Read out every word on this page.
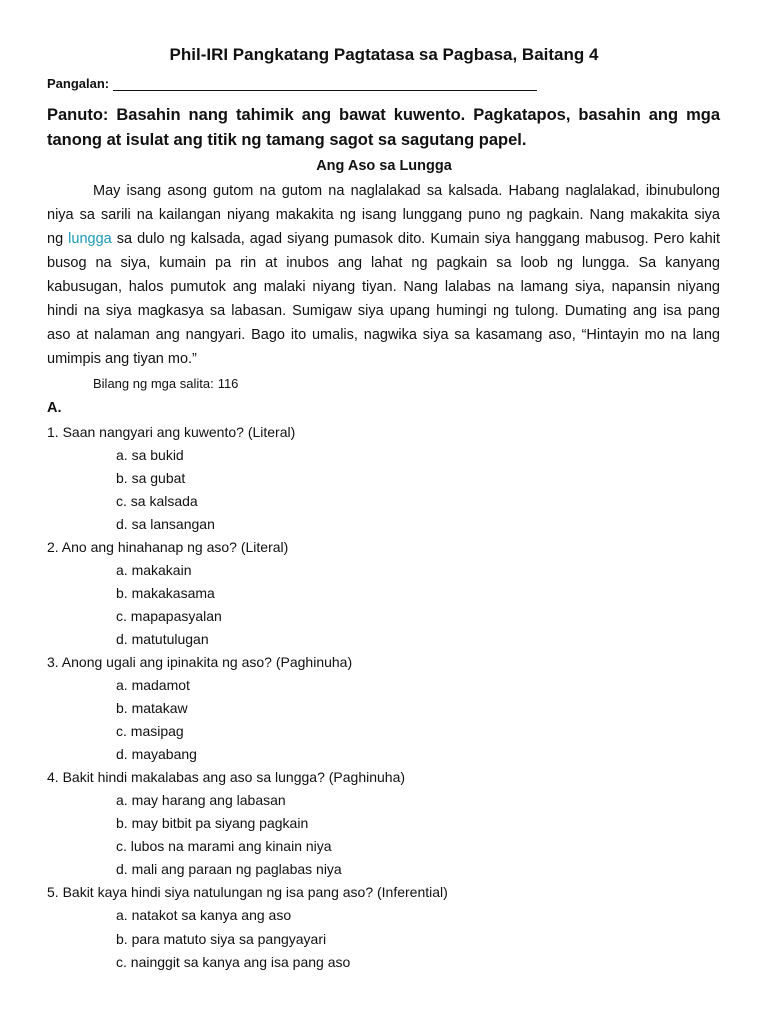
Phil-IRI Pangkatang Pagtatasa sa Pagbasa, Baitang 4
Pangalan:
Panuto: Basahin nang tahimik ang bawat kuwento. Pagkatapos, basahin ang mga tanong at isulat ang titik ng tamang sagot sa sagutang papel.
Ang Aso sa Lungga
May isang asong gutom na gutom na naglalakad sa kalsada. Habang naglalakad, ibinubulong
niya sa sarili na kailangan niyang makakita ng isang lunggang puno ng pagkain. Nang makakita siya
ng lungga sa dulo ng kalsada, agad siyang pumasok dito. Kumain siya hanggang mabusog. Pero kahit
busog na siya, kumain pa rin at inubos ang lahat ng pagkain sa loob ng lungga. Sa kanyang
kabusugan, halos pumutok ang malaki niyang tiyan. Nang lalabas na lamang siya, napansin niyang
hindi na siya magkasya sa labasan. Sumigaw siya upang humingi ng tulong. Dumating ang isa pang
aso at nalaman ang nangyari. Bago ito umalis, nagwika siya sa kasamang aso, “Hintayin mo na lang
umimpis ang tiyan mo.”
Bilang ng mga salita: 116
A.
1. Saan nangyari ang kuwento? (Literal)
a. sa bukid
b. sa gubat
c. sa kalsada
d. sa lansangan
2. Ano ang hinahanap ng aso? (Literal)
a. makakain
b. makakasama
c. mapapasyalan
d. matutulugan
3. Anong ugali ang ipinakita ng aso? (Paghinuha)
a. madamot
b. matakaw
c. masipag
d. mayabang
4. Bakit hindi makalabas ang aso sa lungga? (Paghinuha)
a. may harang ang labasan
b. may bitbit pa siyang pagkain
c. lubos na marami ang kinain niya
d. mali ang paraan ng paglabas niya
5. Bakit kaya hindi siya natulungan ng isa pang aso? (Inferential)
a. natakot sa kanya ang aso
b. para matuto siya sa pangyayari
c. nainggit sa kanya ang isa pang aso
